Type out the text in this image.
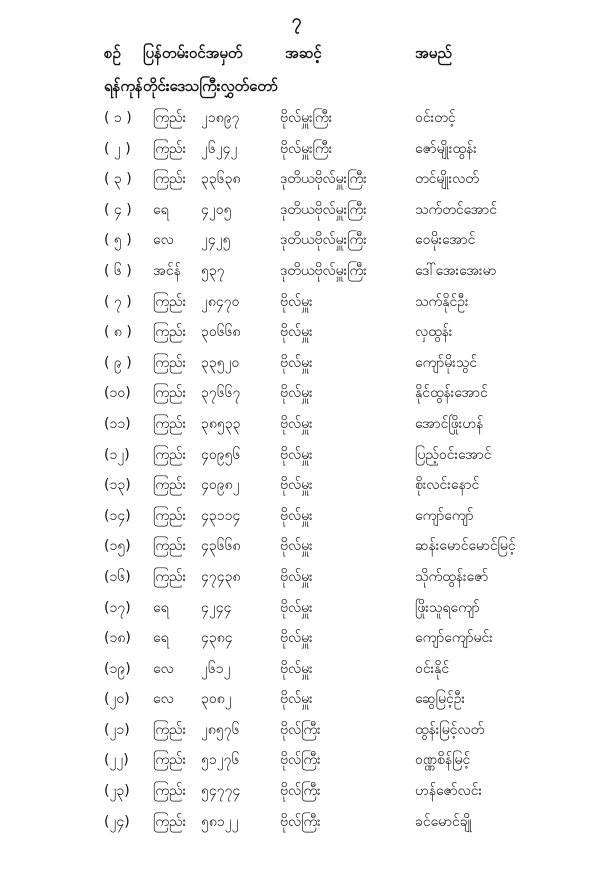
၇
စဉ် ပြန်တမ်းဝင်အမှတ်	အဆင့်	အမည်
ရန်ကုန်တိုင်းဒေသကြီးလွှတ်တော်
( ၁ ) ကြည်း ၂၁၈၉၇	ဗိုလ်မှူးကြီး	ဝင်းတင့်
( ၂ ) ကြည်း ၂၆၂၄၂	ဗိုလ်မှူးကြီး	ဇော်မျိုးထွန်း
( ၃ ) ကြည်း ၃၃၆၃၈	ဒုတိယဗိုလ်မှူးကြီး	တင်မျိုးလတ်
( ၄ ) ရေ ၄၂၀၅	ဒုတိယဗိုလ်မှူးကြီး	သက်တင်အောင်
( ၅ ) လေ ၂၄၂၅	ဒုတိယဗိုလ်မှူးကြီး	ဝေမိုးအောင်
( ၆ ) အင်န် ၅၃၇	ဒုတိယဗိုလ်မှူးကြီး	ဒေါ်အေးအေးမာ
( ၇ ) ကြည်း ၂၈၄၇၀	ဗိုလ်မှူး	သက်နိုင်ဦး
( ၈ ) ကြည်း ၃၀၆၆၈	ဗိုလ်မှူး	လှထွန်း
( ၉ ) ကြည်း ၃၃၅၂၀	ဗိုလ်မှူး	ကျော်မိုးသွင်
(၁၀) ကြည်း ၃၇၆၆၇	ဗိုလ်မှူး	နိုင်ထွန်းအောင်
(၁၁) ကြည်း ၃၈၅၃၃	ဗိုလ်မှူး	အောင်ဖြိုးဟန်
(၁၂) ကြည်း ၄၀၉၅၆	ဗိုလ်မှူး	ပြည့်ဝင်းအောင်
(၁၃) ကြည်း ၄၀၉၈၂	ဗိုလ်မှူး	စိုးလင်းနောင်
(၁၄) ကြည်း ၄၃၁၁၄	ဗိုလ်မှူး	ကျော်ကျော်
(၁၅) ကြည်း ၄၃၆၆၈	ဗိုလ်မှူး	ဆန်းမောင်မောင်မြင့်
(၁၆) ကြည်း ၄၇၄၃၈	ဗိုလ်မှူး	သိုက်ထွန်းဇော်
(၁၇) ရေ ၄၂၄၄	ဗိုလ်မှူး	ဖြိုးသူရကျော်
(၁၈) ရေ ၄၃၈၄	ဗိုလ်မှူး	ကျော်ကျော်မင်း
(၁၉) လေ ၂၆၁၂	ဗိုလ်မှူး	ဝင်းနိုင်
(၂၀) လေ ၃၀၈၂	ဗိုလ်မှူး	ဆွေမြင့်ဦး
(၂၁) ကြည်း ၂၈၅၇၆	ဗိုလ်ကြီး	ထွန်းမြင့်လတ်
(၂၂) ကြည်း ၅၁၂၇၆	ဗိုလ်ကြီး	ဝဏ္ဏစိန်မြင့်
(၂၃) ကြည်း ၅၄၇၇၄	ဗိုလ်ကြီး	ဟန်ဇော်လင်း
(၂၄) ကြည်း ၅၈၁၂၂	ဗိုလ်ကြီး	ခင်မောင်ချို
